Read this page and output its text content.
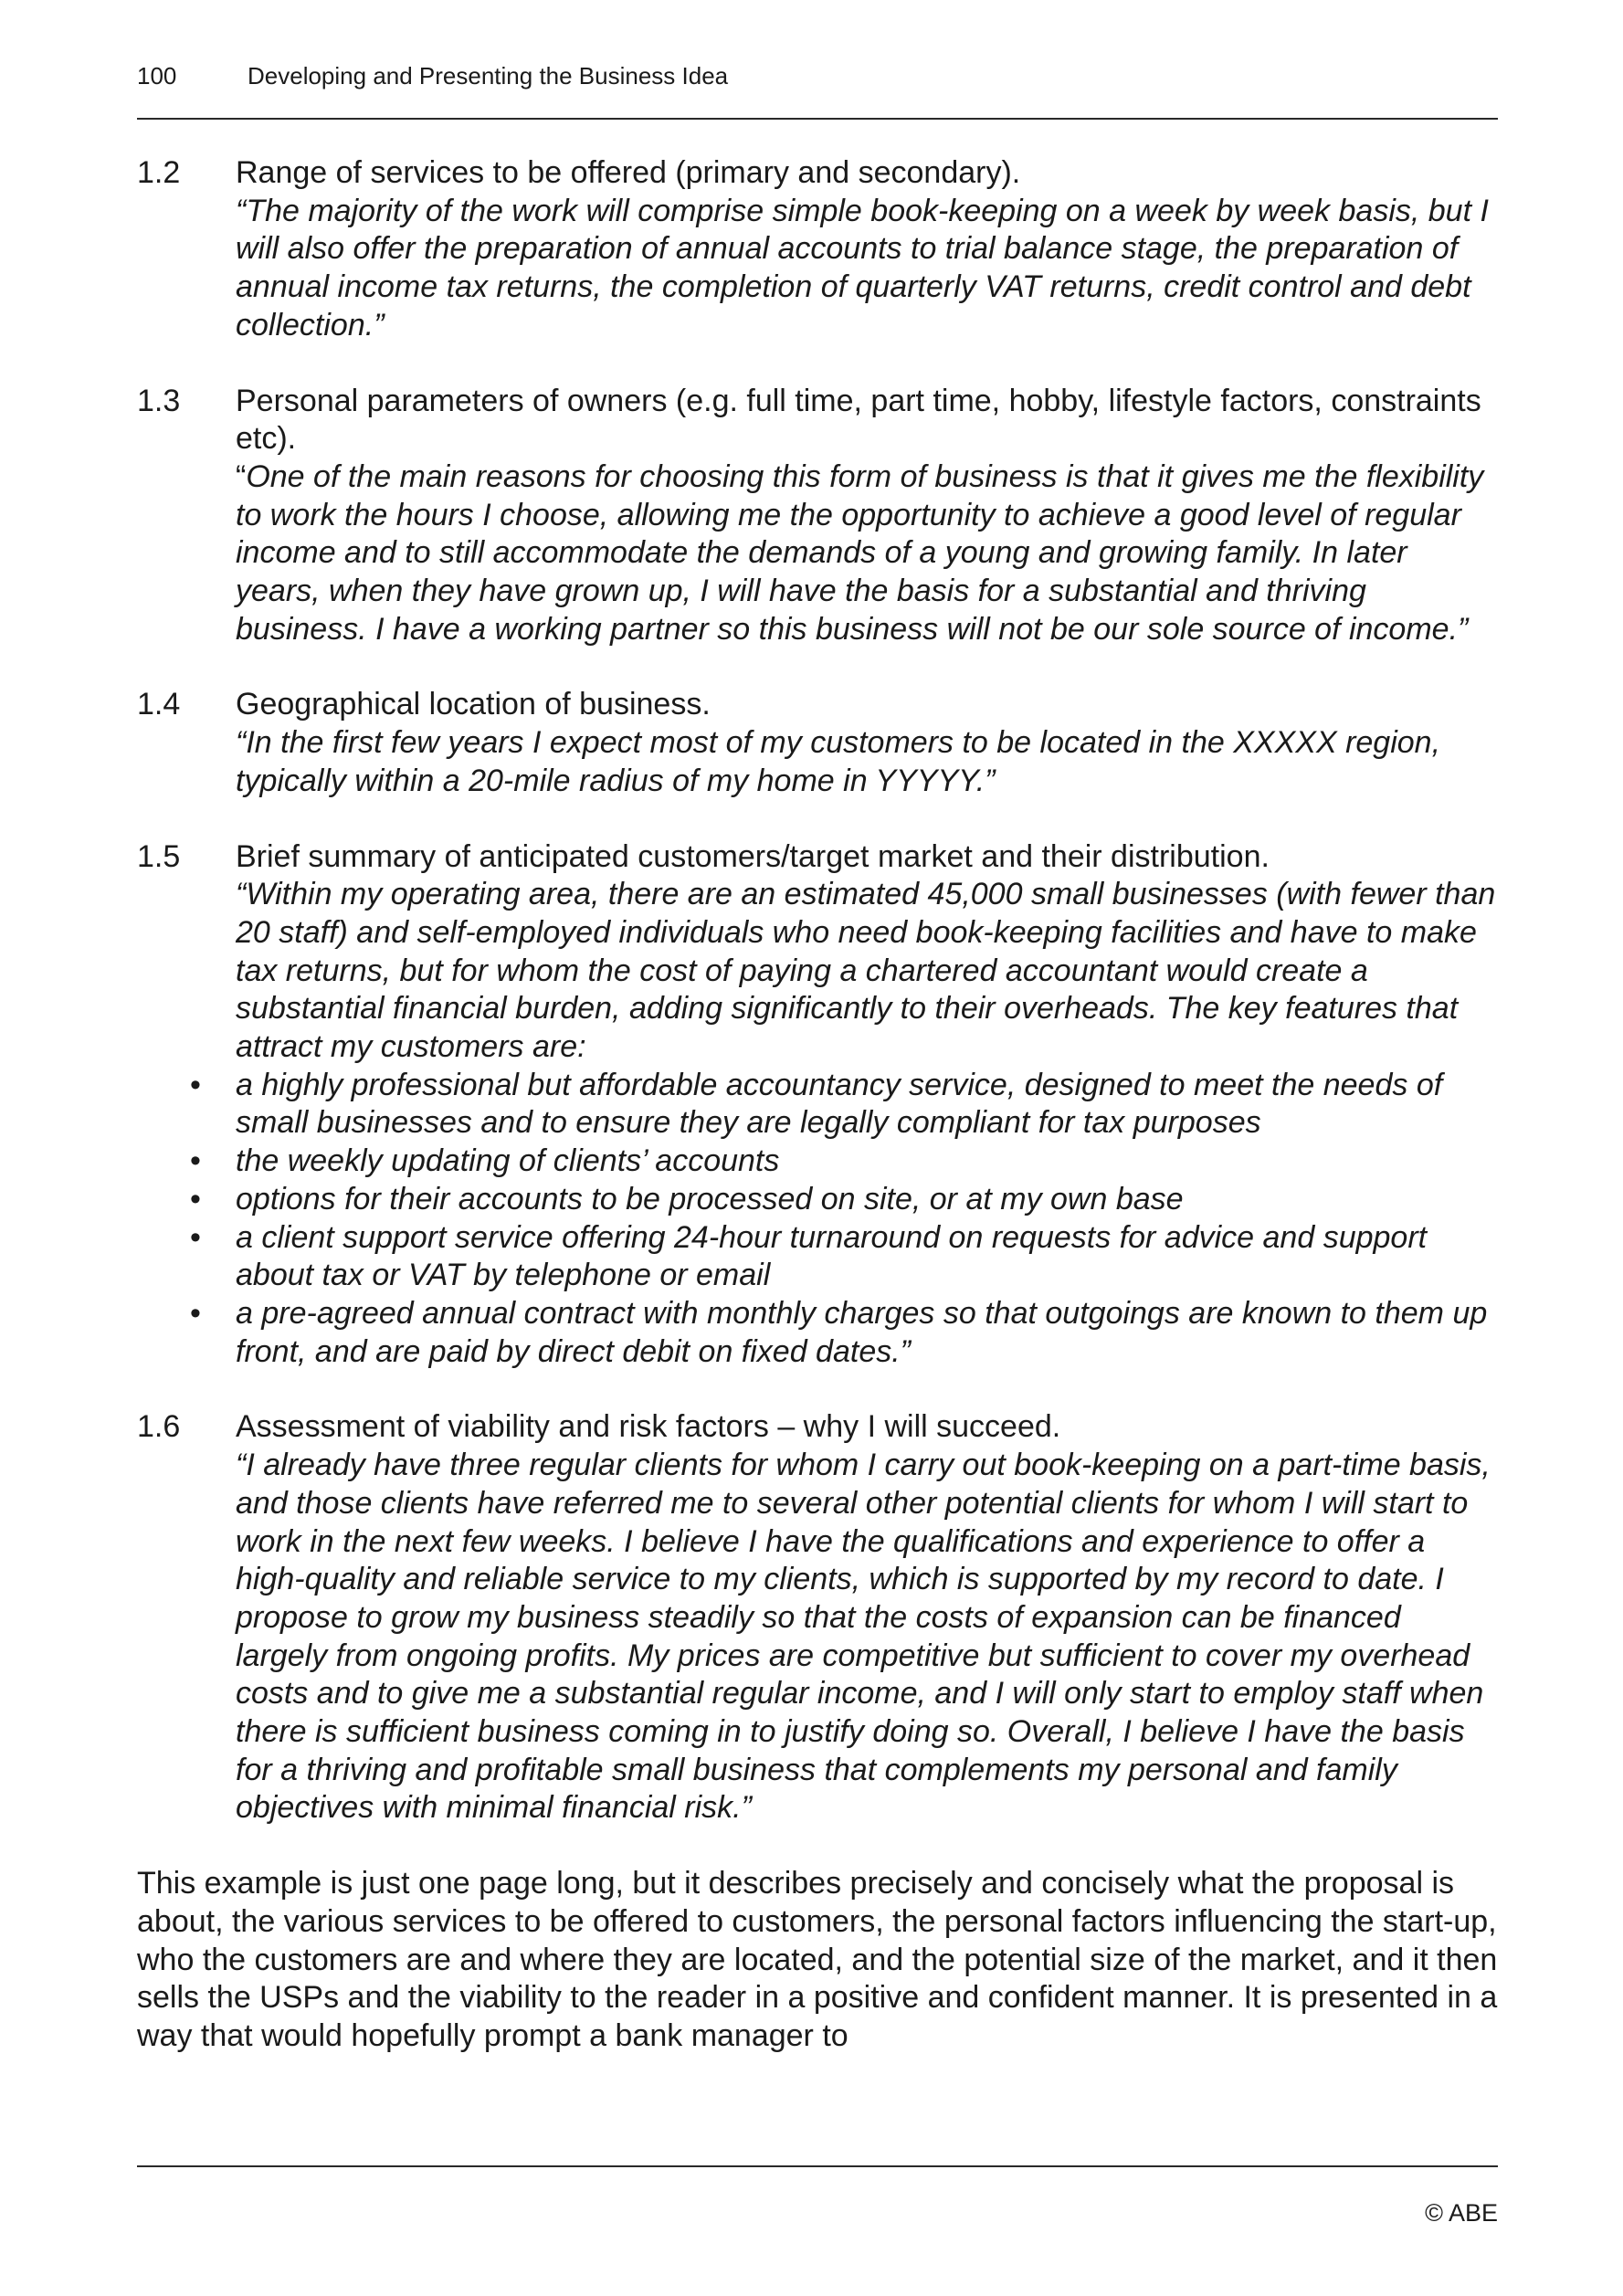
100	Developing and Presenting the Business Idea
1.2 Range of services to be offered (primary and secondary).
“The majority of the work will comprise simple book-keeping on a week by week basis, but I will also offer the preparation of annual accounts to trial balance stage, the preparation of annual income tax returns, the completion of quarterly VAT returns, credit control and debt collection.”
1.3 Personal parameters of owners (e.g. full time, part time, hobby, lifestyle factors, constraints etc).
“One of the main reasons for choosing this form of business is that it gives me the flexibility to work the hours I choose, allowing me the opportunity to achieve a good level of regular income and to still accommodate the demands of a young and growing family. In later years, when they have grown up, I will have the basis for a substantial and thriving business. I have a working partner so this business will not be our sole source of income.”
1.4 Geographical location of business.
“In the first few years I expect most of my customers to be located in the XXXXX region, typically within a 20-mile radius of my home in YYYYY.”
1.5 Brief summary of anticipated customers/target market and their distribution.
“Within my operating area, there are an estimated 45,000 small businesses (with fewer than 20 staff) and self-employed individuals who need book-keeping facilities and have to make tax returns, but for whom the cost of paying a chartered accountant would create a substantial financial burden, adding significantly to their overheads. The key features that attract my customers are:
• a highly professional but affordable accountancy service, designed to meet the needs of small businesses and to ensure they are legally compliant for tax purposes
• the weekly updating of clients’ accounts
• options for their accounts to be processed on site, or at my own base
• a client support service offering 24-hour turnaround on requests for advice and support about tax or VAT by telephone or email
• a pre-agreed annual contract with monthly charges so that outgoings are known to them up front, and are paid by direct debit on fixed dates.”
1.6 Assessment of viability and risk factors – why I will succeed.
“I already have three regular clients for whom I carry out book-keeping on a part-time basis, and those clients have referred me to several other potential clients for whom I will start to work in the next few weeks. I believe I have the qualifications and experience to offer a high-quality and reliable service to my clients, which is supported by my record to date. I propose to grow my business steadily so that the costs of expansion can be financed largely from ongoing profits. My prices are competitive but sufficient to cover my overhead costs and to give me a substantial regular income, and I will only start to employ staff when there is sufficient business coming in to justify doing so. Overall, I believe I have the basis for a thriving and profitable small business that complements my personal and family objectives with minimal financial risk.”

This example is just one page long, but it describes precisely and concisely what the proposal is about, the various services to be offered to customers, the personal factors influencing the start-up, who the customers are and where they are located, and the potential size of the market, and it then sells the USPs and the viability to the reader in a positive and confident manner. It is presented in a way that would hopefully prompt a bank manager to

© ABE
